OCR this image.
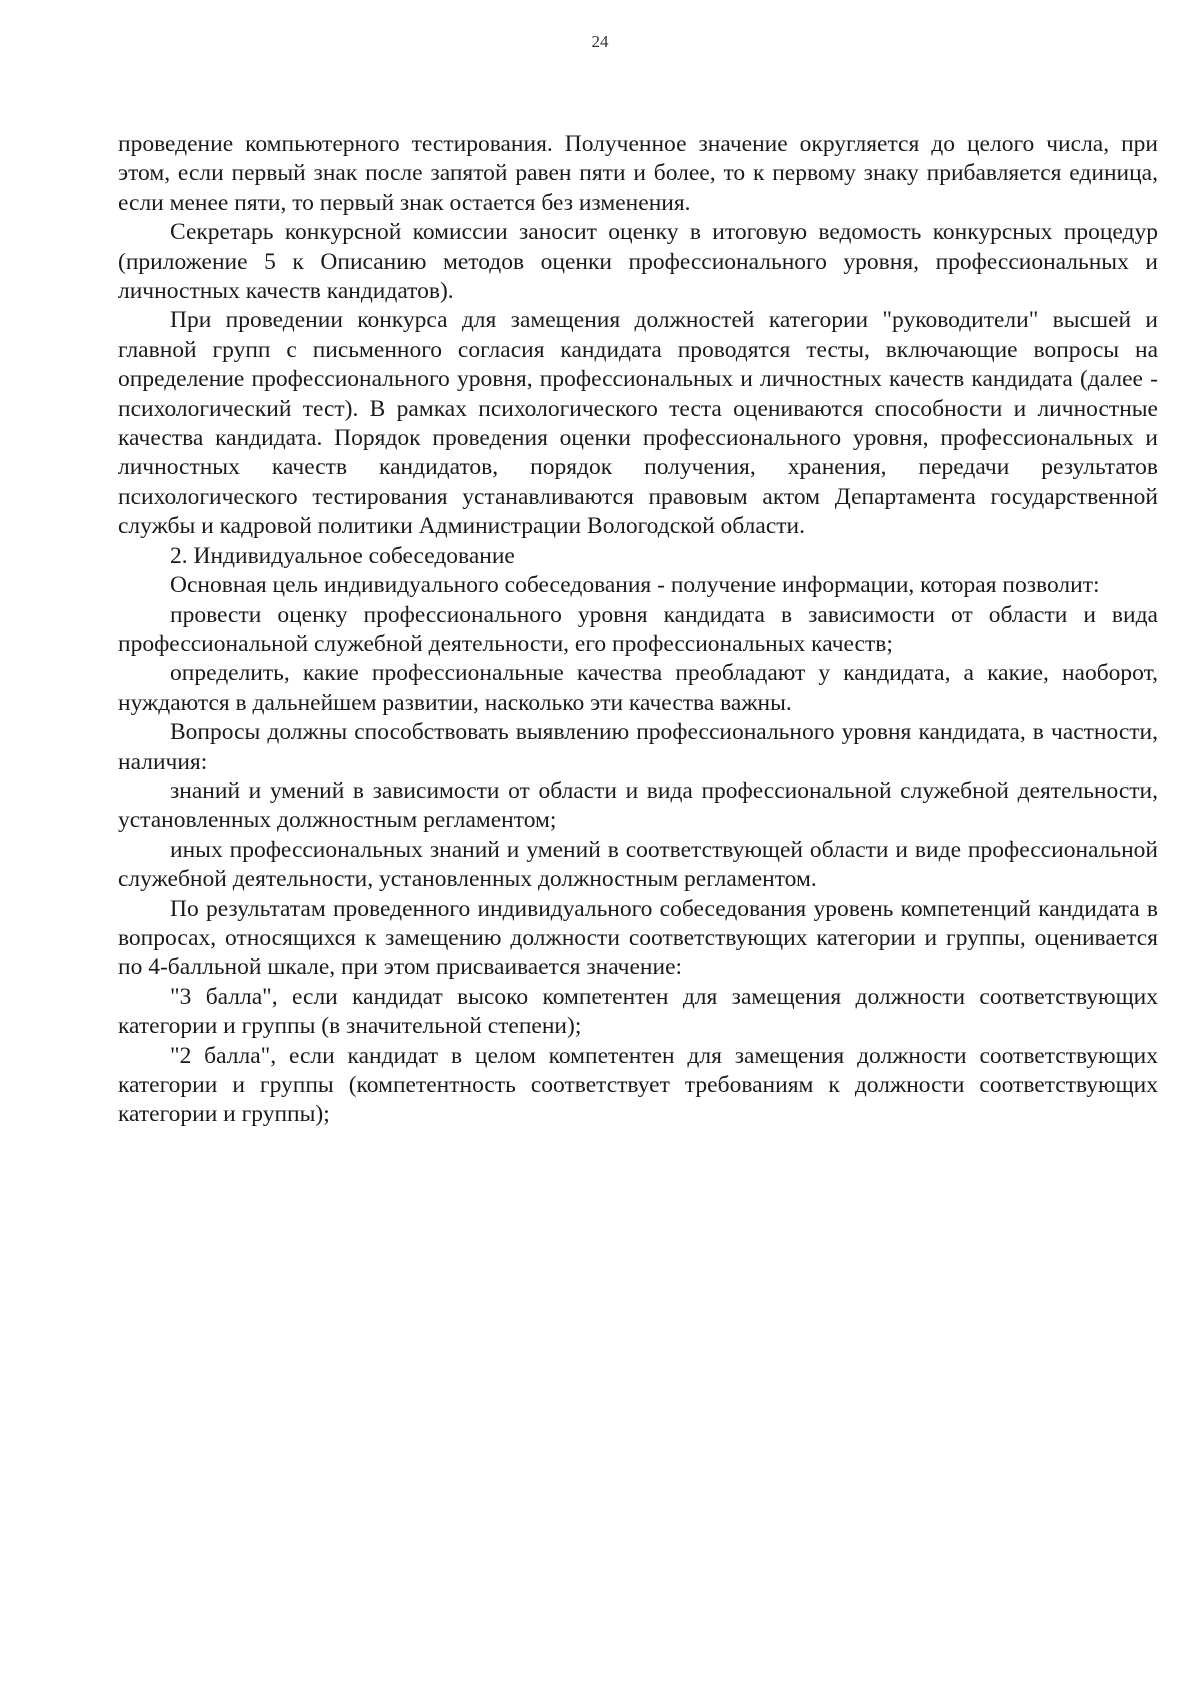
24

проведение компьютерного тестирования. Полученное значение округляется до целого числа, при этом, если первый знак после запятой равен пяти и более, то к первому знаку прибавляется единица, если менее пяти, то первый знак остается без изменения.

Секретарь конкурсной комиссии заносит оценку в итоговую ведомость конкурсных процедур (приложение 5 к Описанию методов оценки профессионального уровня, профессиональных и личностных качеств кандидатов).

При проведении конкурса для замещения должностей категории "руководители" высшей и главной групп с письменного согласия кандидата проводятся тесты, включающие вопросы на определение профессионального уровня, профессиональных и личностных качеств кандидата (далее - психологический тест). В рамках психологического теста оцениваются способности и личностные качества кандидата. Порядок проведения оценки профессионального уровня, профессиональных и личностных качеств кандидатов, порядок получения, хранения, передачи результатов психологического тестирования устанавливаются правовым актом Департамента государственной службы и кадровой политики Администрации Вологодской области.

2. Индивидуальное собеседование

Основная цель индивидуального собеседования - получение информации, которая позволит:

провести оценку профессионального уровня кандидата в зависимости от области и вида профессиональной служебной деятельности, его профессиональных качеств;

определить, какие профессиональные качества преобладают у кандидата, а какие, наоборот, нуждаются в дальнейшем развитии, насколько эти качества важны.

Вопросы должны способствовать выявлению профессионального уровня кандидата, в частности, наличия:

знаний и умений в зависимости от области и вида профессиональной служебной деятельности, установленных должностным регламентом;

иных профессиональных знаний и умений в соответствующей области и виде профессиональной служебной деятельности, установленных должностным регламентом.

По результатам проведенного индивидуального собеседования уровень компетенций кандидата в вопросах, относящихся к замещению должности соответствующих категории и группы, оценивается по 4-балльной шкале, при этом присваивается значение:

"3 балла", если кандидат высоко компетентен для замещения должности соответствующих категории и группы (в значительной степени);

"2 балла", если кандидат в целом компетентен для замещения должности соответствующих категории и группы (компетентность соответствует требованиям к должности соответствующих категории и группы);
